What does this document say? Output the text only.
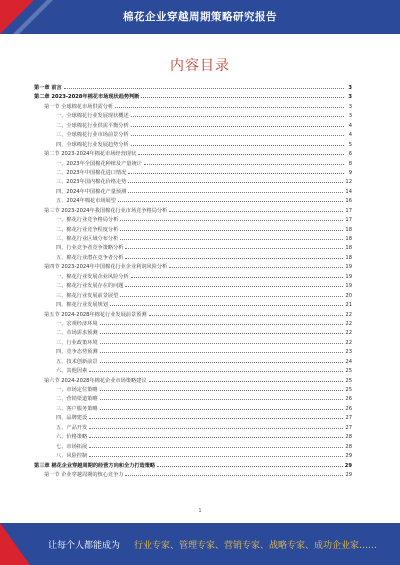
棉花企业穿越周期策略研究报告
内容目录
第一章 前言	3
第二章 2023-2028年棉花市场现状趋势判断	3
第一节 全球棉花市场供需分析	3
一、全球棉花行业发展现状概述	3
二、全球棉花行业供需平衡分析	4
三、全球棉花行业市场前景分析	4
四、全球棉花行业发展趋势分析	5
第二节 2023-2024年棉花市场经营现状	6
一、2023年全国棉花种植及产量统计	8
二、2023年中国棉花进口情况	9
三、2023年国内棉花价格走势	12
四、2024年中国棉花产量预测	14
五、2024年棉花市场展望	16
第三节 2023-2024年我国棉花行业市场竞争格局分析	17
一、棉花行业竞争格局分析	17
二、棉花行业竞争程度分析	18
三、棉花行业区域分布分析	18
四、行业竞争者竞争策略分析	18
五、棉花行业潜在竞争者分析	18
第四节 2023-2024年中国棉花行业企业利润风险分析	19
一、棉花行业发展企业风险分析	19
二、棉花行业发展存在的问题	19
三、棉花行业发展前景展望	20
四、棉花行业发展规划	21
第五节 2024-2028年棉花行业发展前景预测	22
一、宏观经济环境	22
二、市场需求预测	22
三、行业政策环境	22
四、竞争态势预测	23
五、技术创新前景	24
六、其他因素	25
第六节 2024-2028年棉花企业市场策略建议	25
一、市场定位策略	25
二、营销渠道策略	26
三、客户服务策略	26
四、品牌建设	27
五、产品开发	27
六、价格策略	28
七、市场拓展	28
八、风险控制	29
第三章 棉花企业穿越周期的经营方向和全力打造策略	29
第一节 企业穿越周期的核心竞争力	29
1
让每个人都能成为 行业专家、管理专家、营销专家、战略专家、成功企业家……
